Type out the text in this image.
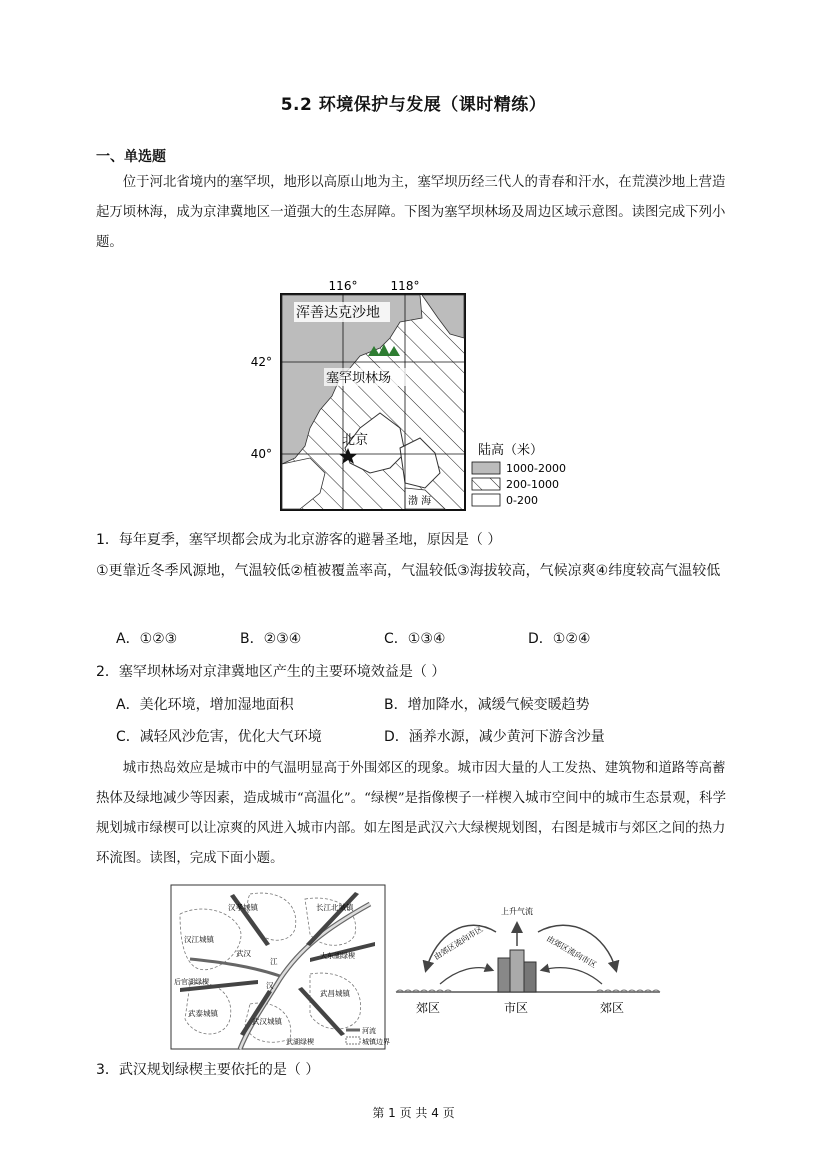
5.2 环境保护与发展（课时精练）
一、单选题
位于河北省境内的塞罕坝，地形以高原山地为主，塞罕坝历经三代人的青春和汗水，在荒漠沙地上营造起万顷林海，成为京津冀地区一道强大的生态屏障。下图为塞罕坝林场及周边区域示意图。读图完成下列小题。
116°	118°
42°
40°
浑善达克沙地
塞罕坝林场
北京
渤 海
陆高（米）
1000-2000
200-1000
0-200
1．每年夏季，塞罕坝都会成为北京游客的避暑圣地，原因是（ ）
①更靠近冬季风源地，气温较低②植被覆盖率高，气温较低③海拔较高，气候凉爽④纬度较高气温较低
A．①②③	B．②③④	C．①③④	D．①②④
2．塞罕坝林场对京津冀地区产生的主要环境效益是（ ）
A．美化环境，增加湿地面积	B．增加降水，减缓气候变暖趋势
C．减轻风沙危害，优化大气环境	D．涵养水源，减少黄河下游含沙量
城市热岛效应是城市中的气温明显高于外围郊区的现象。城市因大量的人工发热、建筑物和道路等高蓄热体及绿地减少等因素，造成城市“高温化”。“绿楔”是指像楔子一样楔入城市空间中的城市生态景观，科学规划城市绿楔可以让凉爽的风进入城市内部。如左图是武汉六大绿楔规划图，右图是城市与郊区之间的热力环流图。读图，完成下面小题。
汉孝城镇	长江北城镇
汉江城镇
武汉
江
大东湖绿楔
后官湖绿楔
武昌城镇
汉
武泰城镇
武汉城镇
武湖绿楔
河流
城镇边界
上升气流
由郊区流向市区	由郊区流向市区
郊区	市区	郊区
3．武汉规划绿楔主要依托的是（ ）
第 1 页 共 4 页
